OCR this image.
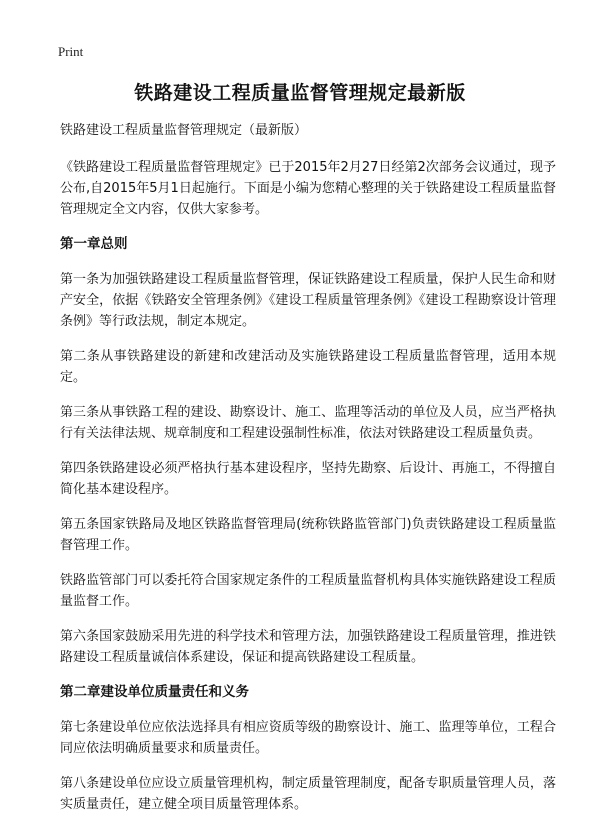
Print
铁路建设工程质量监督管理规定最新版

铁路建设工程质量监督管理规定（最新版）

《铁路建设工程质量监督管理规定》已于2015年2月27日经第2次部务会议通过，现予公布,自2015年5月1日起施行。下面是小编为您精心整理的关于铁路建设工程质量监督管理规定全文内容，仅供大家参考。

第一章总则

第一条为加强铁路建设工程质量监督管理，保证铁路建设工程质量，保护人民生命和财产安全，依据《铁路安全管理条例》《建设工程质量管理条例》《建设工程勘察设计管理条例》等行政法规，制定本规定。

第二条从事铁路建设的新建和改建活动及实施铁路建设工程质量监督管理，适用本规定。

第三条从事铁路工程的建设、勘察设计、施工、监理等活动的单位及人员，应当严格执行有关法律法规、规章制度和工程建设强制性标准，依法对铁路建设工程质量负责。

第四条铁路建设必须严格执行基本建设程序，坚持先勘察、后设计、再施工，不得擅自简化基本建设程序。

第五条国家铁路局及地区铁路监督管理局(统称铁路监管部门)负责铁路建设工程质量监督管理工作。

铁路监管部门可以委托符合国家规定条件的工程质量监督机构具体实施铁路建设工程质量监督工作。

第六条国家鼓励采用先进的科学技术和管理方法，加强铁路建设工程质量管理，推进铁路建设工程质量诚信体系建设，保证和提高铁路建设工程质量。

第二章建设单位质量责任和义务

第七条建设单位应依法选择具有相应资质等级的勘察设计、施工、监理等单位，工程合同应依法明确质量要求和质量责任。

第八条建设单位应设立质量管理机构，制定质量管理制度，配备专职质量管理人员，落实质量责任，建立健全项目质量管理体系。
